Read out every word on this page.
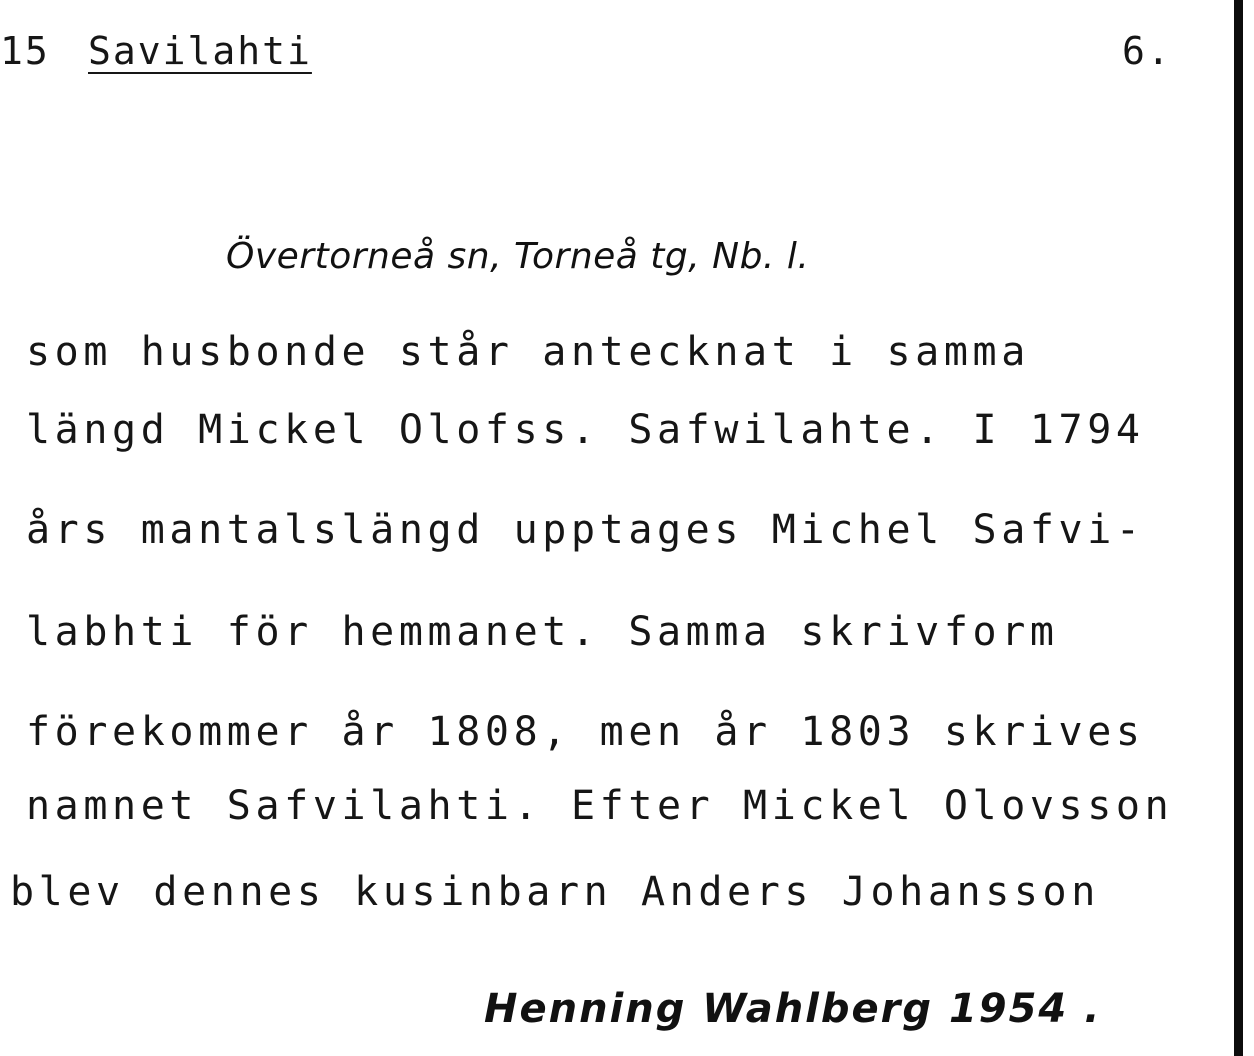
15 Savilahti	6.
Övertorneå sn, Torneå tg, Nb. l.
som husbonde står antecknat i samma
längd Mickel Olofss. Safwilahte. I 1794
års mantalslängd upptages Michel Safvi-
labhti för hemmanet. Samma skrivform
förekommer år 1808, men år 1803 skrives
namnet Safvilahti. Efter Mickel Olovsson
blev dennes kusinbarn Anders Johansson
Henning Wahlberg 1954 .
